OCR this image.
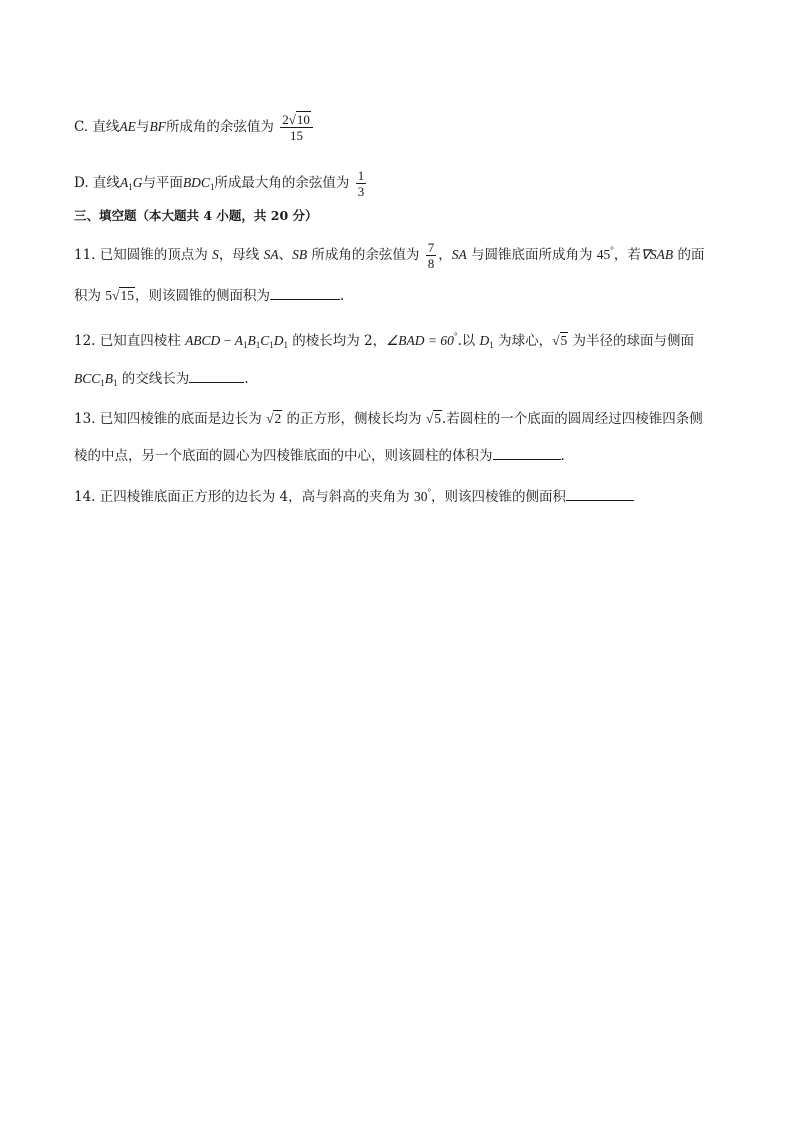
C. 直线AE与BF所成角的余弦值为 $\frac{2√10}{15}$
D. 直线$A_1G$与平面$BDC_1$所成最大角的余弦值为 $\frac{1}{3}$
三、填空题（本大题共 4 小题，共 20 分）
11. 已知圆锥的顶点为 S，母线 SA、SB 所成角的余弦值为 $\frac{7}{8}$ ，SA 与圆锥底面所成角为 45°，若∇SAB 的面
积为 5√15，则该圆锥的侧面积为	.
12. 已知直四棱柱 ABCD − $A_1B_1C_1D_1$ 的棱长均为 2，∠BAD = 60°.以 $D_1$ 为球心，√5 为半径的球面与侧面
$BCC_1B_1$ 的交线长为	.
13. 已知四棱锥的底面是边长为 √2 的正方形，侧棱长均为 √5.若圆柱的一个底面的圆周经过四棱锥四条侧
棱的中点，另一个底面的圆心为四棱锥底面的中心，则该圆柱的体积为	.
14. 正四棱锥底面正方形的边长为 4，高与斜高的夹角为 30°，则该四棱锥的侧面积
